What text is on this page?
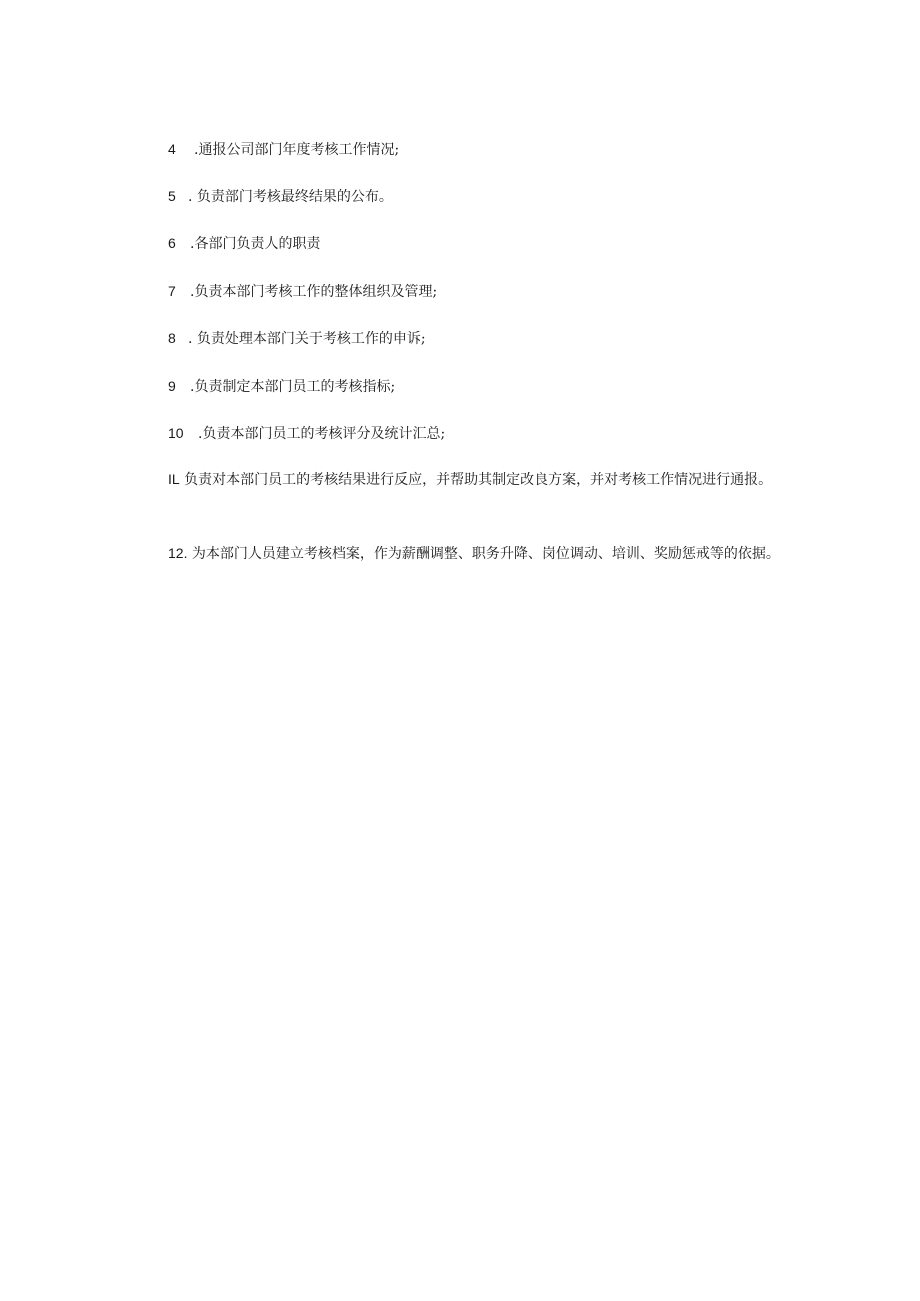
4 .通报公司部门年度考核工作情况;
5 . 负责部门考核最终结果的公布。
6 .各部门负责人的职责
7 .负责本部门考核工作的整体组织及管理;
8 . 负责处理本部门关于考核工作的申诉;
9 .负责制定本部门员工的考核指标;
10 .负责本部门员工的考核评分及统计汇总;
IL 负责对本部门员工的考核结果进行反应，并帮助其制定改良方案，并对考核工作情况进行通报。
12. 为本部门人员建立考核档案，作为薪酬调整、职务升降、岗位调动、培训、奖励惩戒等的依据。
